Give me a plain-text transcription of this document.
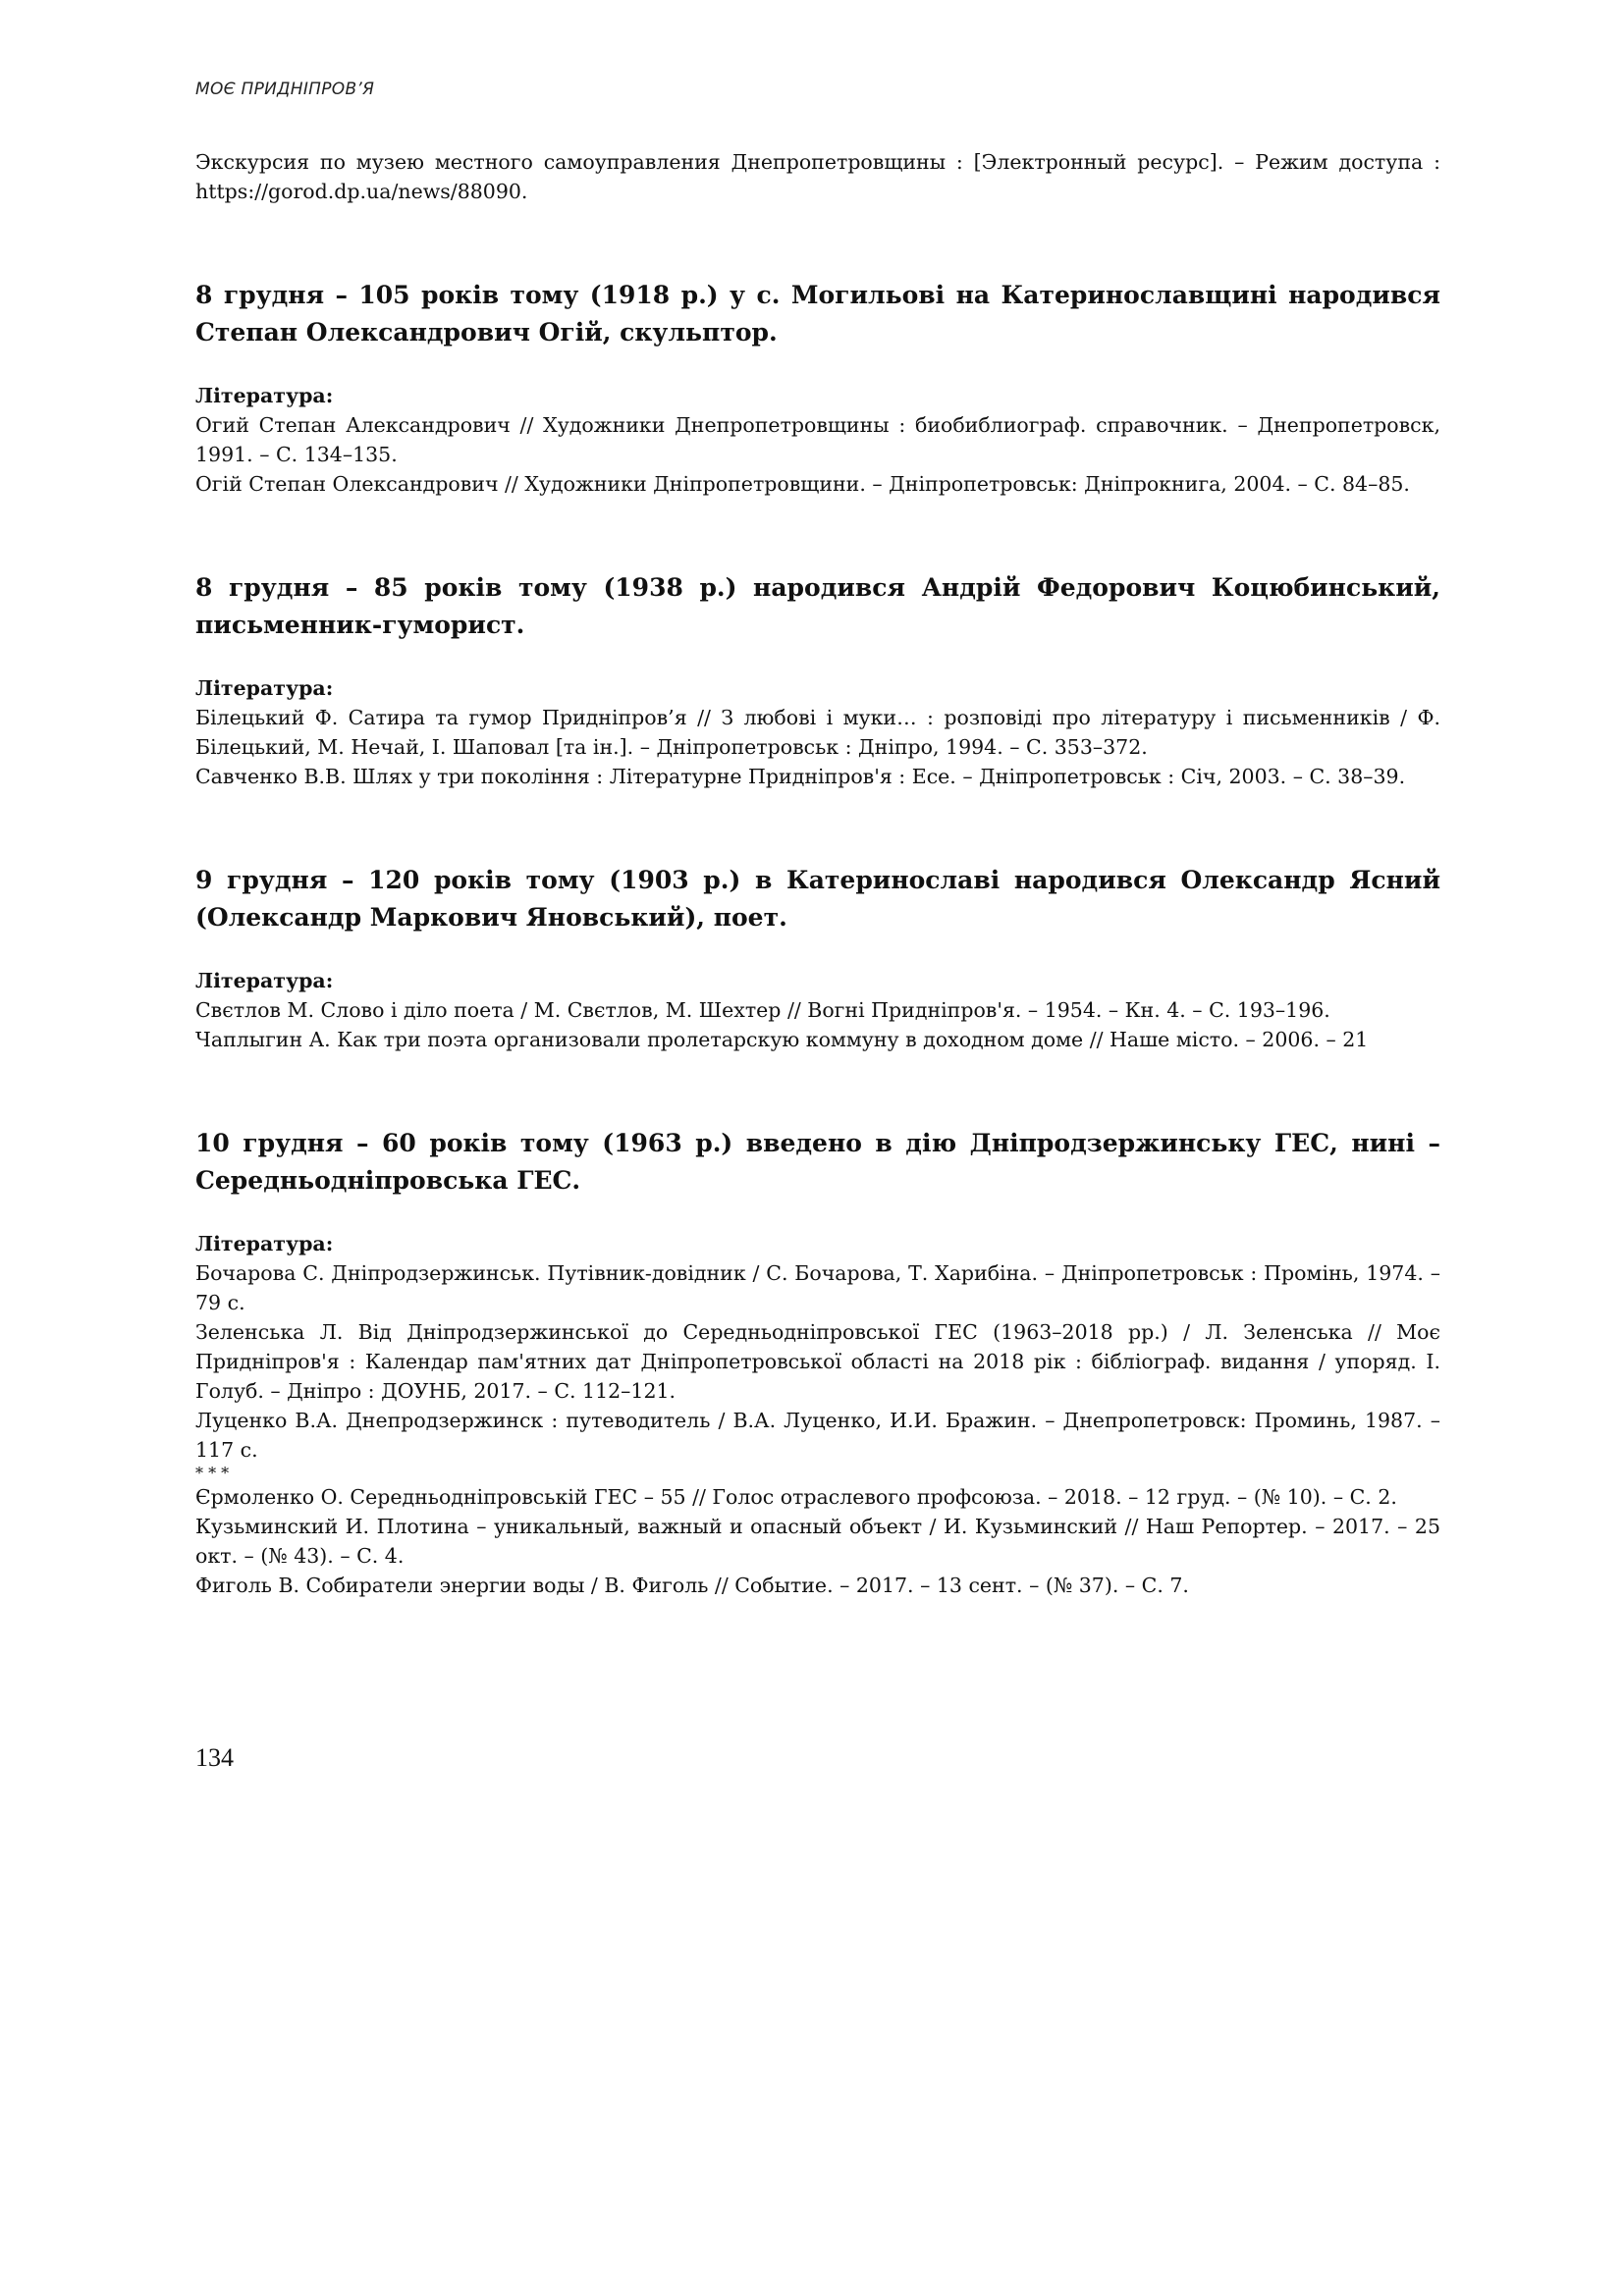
МОЄ ПРИДНІПРОВ’Я

Экскурсия по музею местного самоуправления Днепропетровщины : [Электронный ресурс]. – Режим доступа : https://gorod.dp.ua/news/88090.

8 грудня – 105 років тому (1918 р.) у с. Могильові на Катеринославщині народився Степан Олександрович Огій, скульптор.

Література:

Огий Степан Александрович // Художники Днепропетровщины : биобиблиограф. справочник. – Днепропетровск, 1991. – С. 134–135.

Огій Степан Олександрович // Художники Дніпропетровщини. – Дніпропетровськ: Дніпрокнига, 2004. – С. 84–85.

8 грудня – 85 років тому (1938 р.) народився Андрій Федорович Коцюбинський, письменник-гуморист.

Література:

Білецький Ф. Сатира та гумор Придніпров’я // З любові і муки… : розповіді про літературу і письменників / Ф. Білецький, М. Нечай, І. Шаповал [та ін.]. – Дніпропетровськ : Дніпро, 1994. – С. 353–372.

Савченко В.В. Шлях у три покоління : Літературне Придніпров'я : Есе. – Дніпропетровськ : Січ, 2003. – С. 38–39.

9 грудня – 120 років тому (1903 р.) в Катеринославі народився Олександр Ясний (Олександр Маркович Яновський), поет.

Література:

Свєтлов М. Слово і діло поета / М. Свєтлов, М. Шехтер // Вогні Придніпров'я. – 1954. – Кн. 4. – С. 193–196.

Чаплыгин А. Как три поэта организовали пролетарскую коммуну в доходном доме // Наше місто. – 2006. – 21

10 грудня – 60 років тому (1963 р.) введено в дію Дніпродзержинську ГЕС, нині – Середньодніпровська ГЕС.

Література:

Бочарова С. Дніпродзержинськ. Путівник-довідник / С. Бочарова, Т. Харибіна. – Дніпропетровськ : Промінь, 1974. – 79 с.

Зеленська Л. Від Дніпродзержинської до Середньодніпровської ГЕС (1963–2018 рр.) / Л. Зеленська // Моє Придніпров'я : Календар пам'ятних дат Дніпропетровської області на 2018 рік : бібліограф. видання / упоряд. І. Голуб. – Дніпро : ДОУНБ, 2017. – С. 112–121.

Луценко В.А. Днепродзержинск : путеводитель / В.А. Луценко, И.И. Бражин. – Днепропетровск: Проминь, 1987. – 117 с.

* * *

Єрмоленко О. Середньодніпровській ГЕС – 55 // Голос отраслевого профсоюза. – 2018. – 12 груд. – (№ 10). – С. 2.

Кузьминский И. Плотина – уникальный, важный и опасный объект / И. Кузьминский // Наш Репортер. – 2017. – 25 окт. – (№ 43). – С. 4.

Фиголь В. Собиратели энергии воды / В. Фиголь // Событие. – 2017. – 13 сент. – (№ 37). – С. 7.

134
